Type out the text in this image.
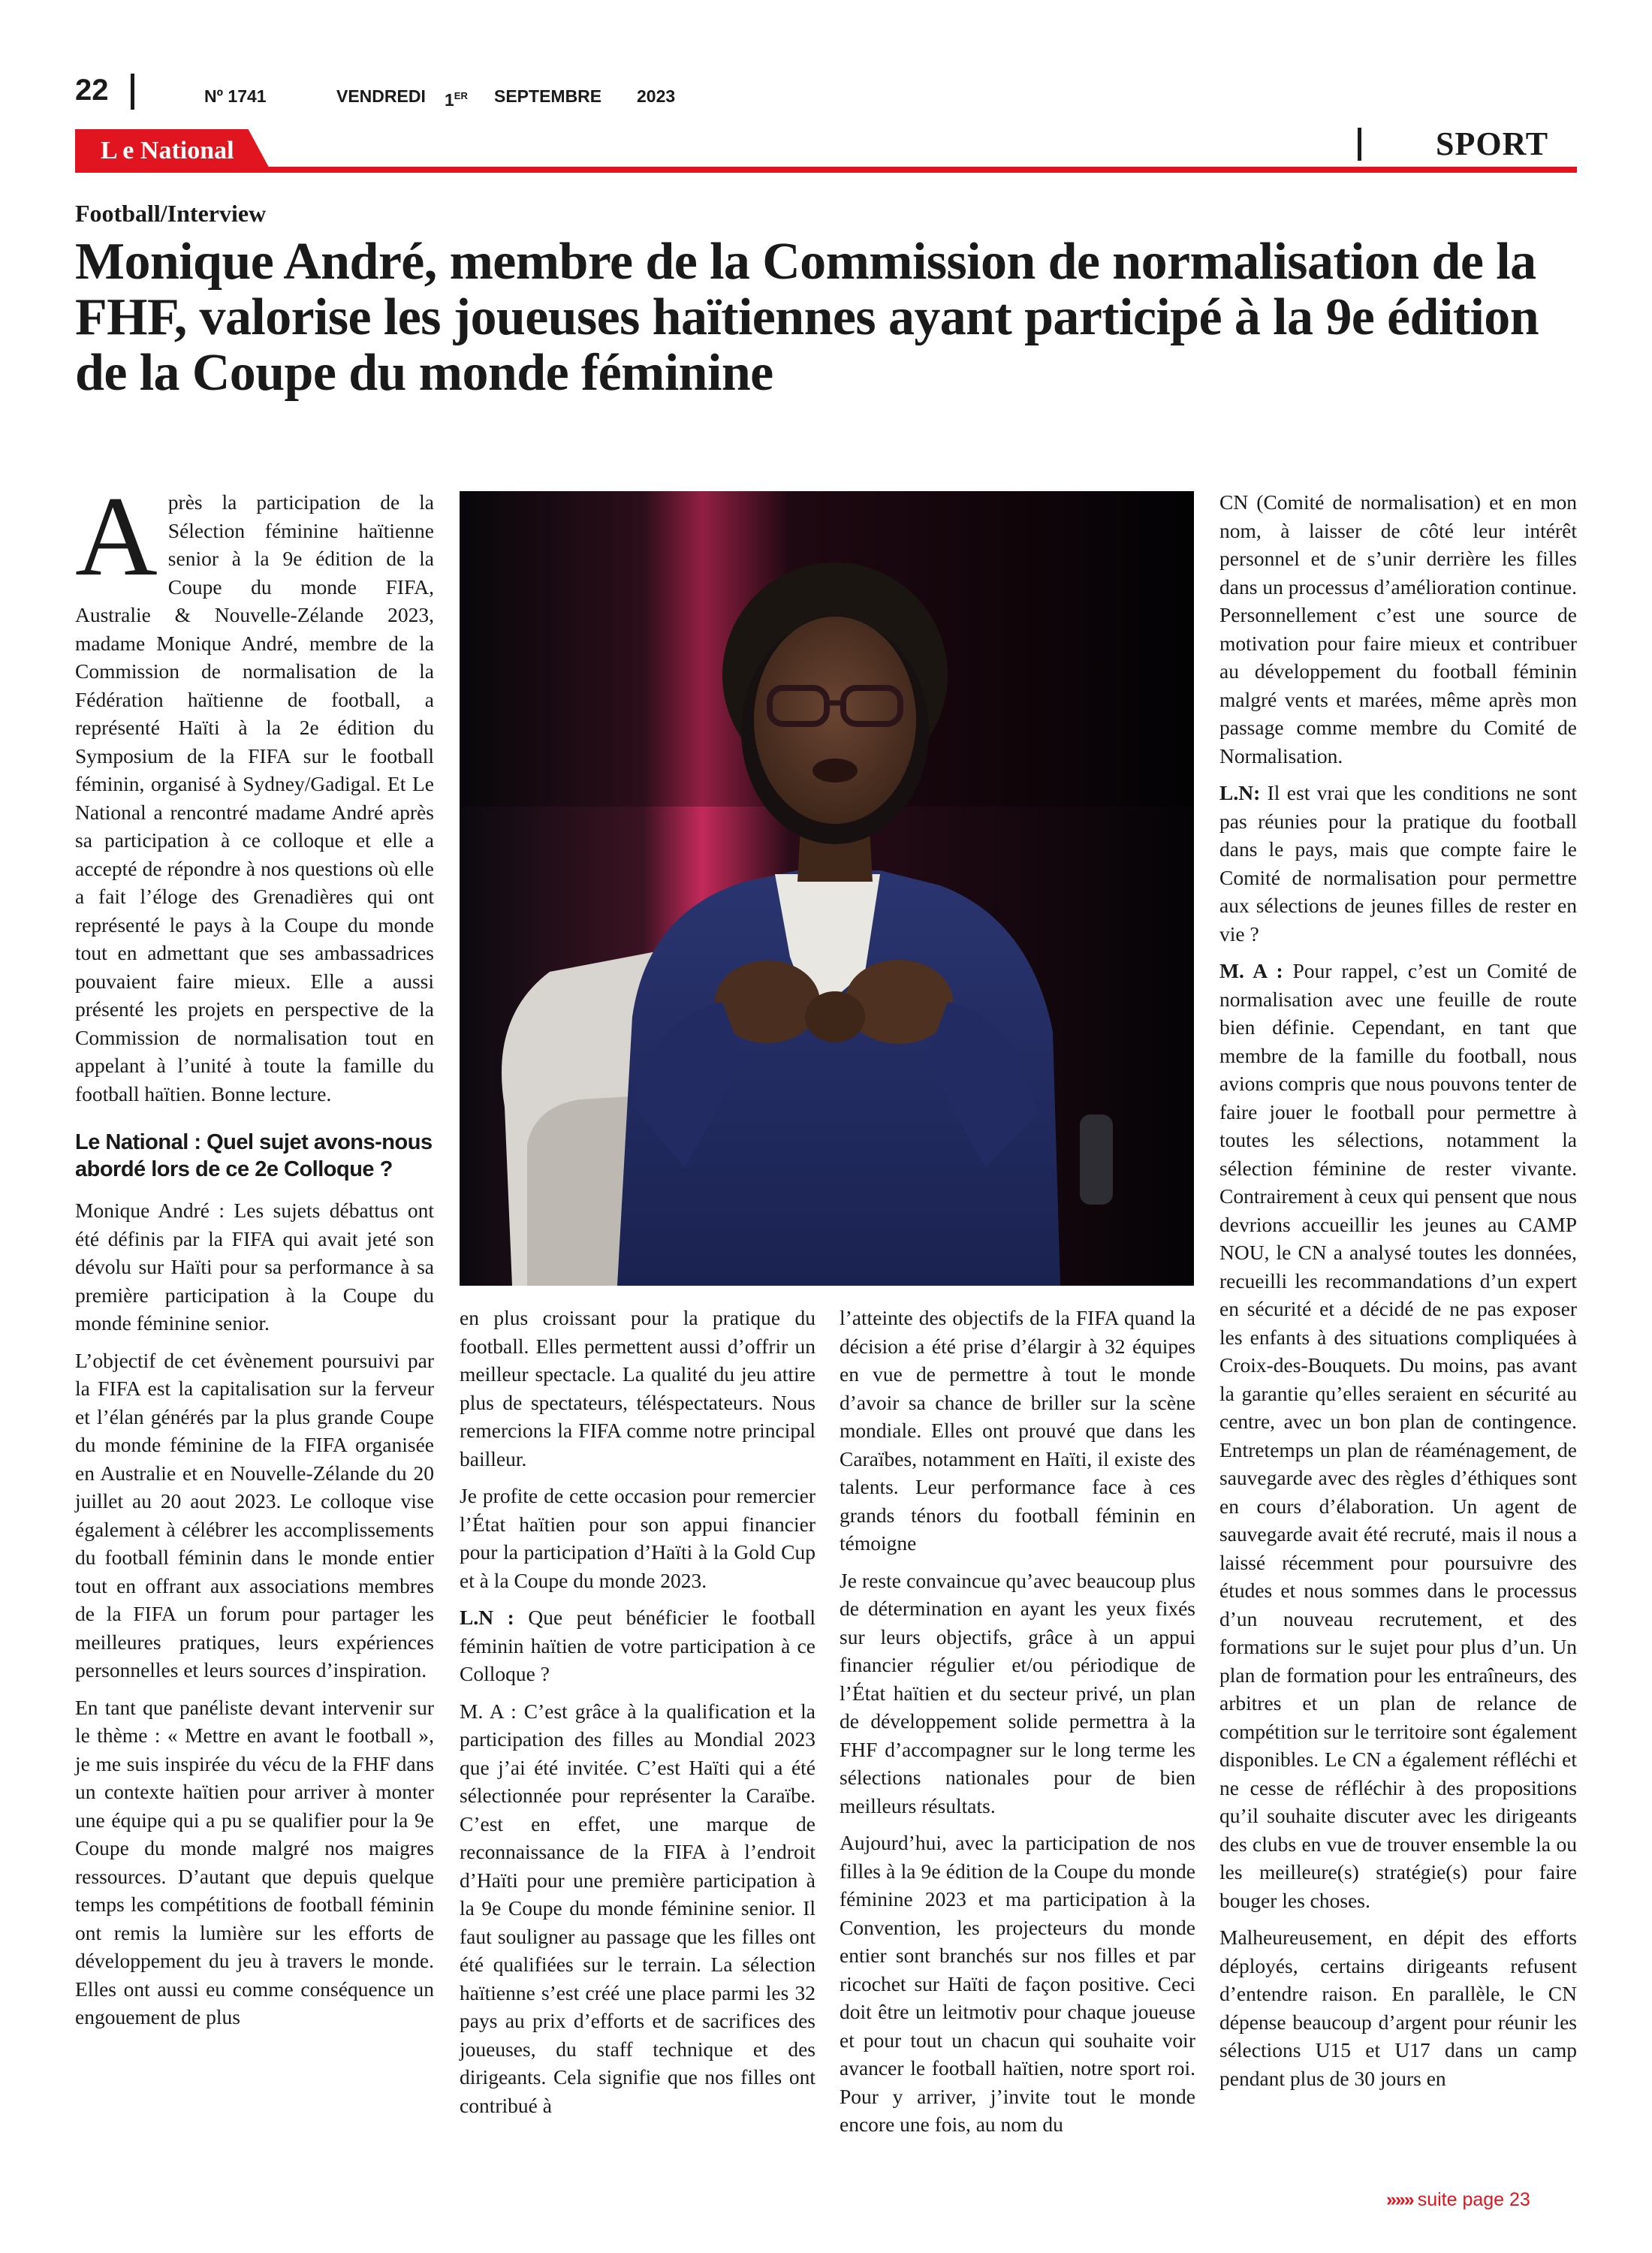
22	Nº 1741	VENDREDI 1ER SEPTEMBRE 2023
L e National	SPORT
Football/Interview
Monique André, membre de la Commission de normalisation de la FHF, valorise les joueuses haïtiennes ayant participé à la 9e édition de la Coupe du monde féminine

Après la participation de la Sélection féminine haïtienne senior à la 9e édition de la Coupe du monde FIFA, Australie & Nouvelle-Zélande 2023, madame Monique André, membre de la Commission de normalisation de la Fédération haïtienne de football, a représenté Haïti à la 2e édition du Symposium de la FIFA sur le football féminin, organisé à Sydney/Gadigal. Et Le National a rencontré madame André après sa participation à ce colloque et elle a accepté de répondre à nos questions où elle a fait l’éloge des Grenadières qui ont représenté le pays à la Coupe du monde tout en admettant que ses ambassadrices pouvaient faire mieux. Elle a aussi présenté les projets en perspective de la Commission de normalisation tout en appelant à l’unité à toute la famille du football haïtien. Bonne lecture.

Le National : Quel sujet avons-nous abordé lors de ce 2e Colloque ?

Monique André : Les sujets débattus ont été définis par la FIFA qui avait jeté son dévolu sur Haïti pour sa performance à sa première participation à la Coupe du monde féminine senior.

L’objectif de cet évènement poursuivi par la FIFA est la capitalisation sur la ferveur et l’élan générés par la plus grande Coupe du monde féminine de la FIFA organisée en Australie et en Nouvelle-Zélande du 20 juillet au 20 aout 2023. Le colloque vise également à célébrer les accomplissements du football féminin dans le monde entier tout en offrant aux associations membres de la FIFA un forum pour partager les meilleures pratiques, leurs expériences personnelles et leurs sources d’inspiration.

En tant que panéliste devant intervenir sur le thème : « Mettre en avant le football », je me suis inspirée du vécu de la FHF dans un contexte haïtien pour arriver à monter une équipe qui a pu se qualifier pour la 9e Coupe du monde malgré nos maigres ressources. D’autant que depuis quelque temps les compétitions de football féminin ont remis la lumière sur les efforts de développement du jeu à travers le monde. Elles ont aussi eu comme conséquence un engouement de plus

en plus croissant pour la pratique du football. Elles permettent aussi d’offrir un meilleur spectacle. La qualité du jeu attire plus de spectateurs, téléspectateurs. Nous remercions la FIFA comme notre principal bailleur.

Je profite de cette occasion pour remercier l’État haïtien pour son appui financier pour la participation d’Haïti à la Gold Cup et à la Coupe du monde 2023.

L.N : Que peut bénéficier le football féminin haïtien de votre participation à ce Colloque ?

M. A : C’est grâce à la qualification et la participation des filles au Mondial 2023 que j’ai été invitée. C’est Haïti qui a été sélectionnée pour représenter la Caraïbe. C’est en effet, une marque de reconnaissance de la FIFA à l’endroit d’Haïti pour une première participation à la 9e Coupe du monde féminine senior. Il faut souligner au passage que les filles ont été qualifiées sur le terrain. La sélection haïtienne s’est créé une place parmi les 32 pays au prix d’efforts et de sacrifices des joueuses, du staff technique et des dirigeants. Cela signifie que nos filles ont contribué à

l’atteinte des objectifs de la FIFA quand la décision a été prise d’élargir à 32 équipes en vue de permettre à tout le monde d’avoir sa chance de briller sur la scène mondiale. Elles ont prouvé que dans les Caraïbes, notamment en Haïti, il existe des talents. Leur performance face à ces grands ténors du football féminin en témoigne

Je reste convaincue qu’avec beaucoup plus de détermination en ayant les yeux fixés sur leurs objectifs, grâce à un appui financier régulier et/ou périodique de l’État haïtien et du secteur privé, un plan de développement solide permettra à la FHF d’accompagner sur le long terme les sélections nationales pour de bien meilleurs résultats.

Aujourd’hui, avec la participation de nos filles à la 9e édition de la Coupe du monde féminine 2023 et ma participation à la Convention, les projecteurs du monde entier sont branchés sur nos filles et par ricochet sur Haïti de façon positive. Ceci doit être un leitmotiv pour chaque joueuse et pour tout un chacun qui souhaite voir avancer le football haïtien, notre sport roi. Pour y arriver, j’invite tout le monde encore une fois, au nom du

CN (Comité de normalisation) et en mon nom, à laisser de côté leur intérêt personnel et de s’unir derrière les filles dans un processus d’amélioration continue. Personnellement c’est une source de motivation pour faire mieux et contribuer au développement du football féminin malgré vents et marées, même après mon passage comme membre du Comité de Normalisation.

L.N: Il est vrai que les conditions ne sont pas réunies pour la pratique du football dans le pays, mais que compte faire le Comité de normalisation pour permettre aux sélections de jeunes filles de rester en vie ?

M. A : Pour rappel, c’est un Comité de normalisation avec une feuille de route bien définie. Cependant, en tant que membre de la famille du football, nous avions compris que nous pouvons tenter de faire jouer le football pour permettre à toutes les sélections, notamment la sélection féminine de rester vivante. Contrairement à ceux qui pensent que nous devrions accueillir les jeunes au CAMP NOU, le CN a analysé toutes les données, recueilli les recommandations d’un expert en sécurité et a décidé de ne pas exposer les enfants à des situations compliquées à Croix-des-Bouquets. Du moins, pas avant la garantie qu’elles seraient en sécurité au centre, avec un bon plan de contingence. Entretemps un plan de réaménagement, de sauvegarde avec des règles d’éthiques sont en cours d’élaboration. Un agent de sauvegarde avait été recruté, mais il nous a laissé récemment pour poursuivre des études et nous sommes dans le processus d’un nouveau recrutement, et des formations sur le sujet pour plus d’un. Un plan de formation pour les entraîneurs, des arbitres et un plan de relance de compétition sur le territoire sont également disponibles. Le CN a également réfléchi et ne cesse de réfléchir à des propositions qu’il souhaite discuter avec les dirigeants des clubs en vue de trouver ensemble la ou les meilleure(s) stratégie(s) pour faire bouger les choses.

Malheureusement, en dépit des efforts déployés, certains dirigeants refusent d’entendre raison. En parallèle, le CN dépense beaucoup d’argent pour réunir les sélections U15 et U17 dans un camp pendant plus de 30 jours en

»»» suite page 23
